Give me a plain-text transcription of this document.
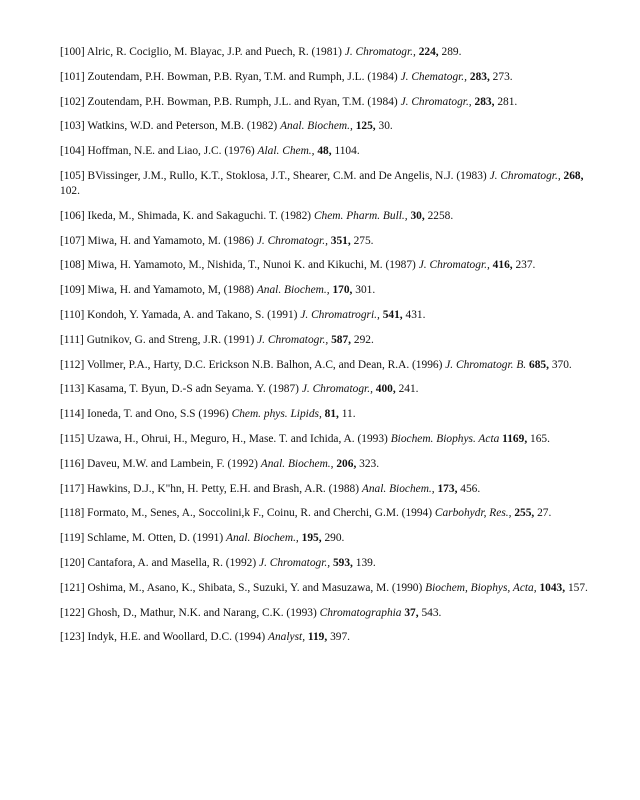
[100] Alric, R. Cociglio, M. Blayac, J.P. and Puech, R. (1981) J. Chromatogr., 224, 289.

[101] Zoutendam, P.H. Bowman, P.B. Ryan, T.M. and Rumph, J.L. (1984) J. Chematogr., 283, 273.

[102] Zoutendam, P.H. Bowman, P.B. Rumph, J.L. and Ryan, T.M. (1984) J. Chromatogr., 283, 281.

[103] Watkins, W.D. and Peterson, M.B. (1982) Anal. Biochem., 125, 30.

[104] Hoffman, N.E. and Liao, J.C. (1976) Alal. Chem., 48, 1104.

[105] BVissinger, J.M., Rullo, K.T., Stoklosa, J.T., Shearer, C.M. and De Angelis, N.J. (1983) J. Chromatogr., 268, 102.

[106] Ikeda, M., Shimada, K. and Sakaguchi. T. (1982) Chem. Pharm. Bull., 30, 2258.

[107] Miwa, H. and Yamamoto, M. (1986) J. Chromatogr., 351, 275.

[108] Miwa, H. Yamamoto, M., Nishida, T., Nunoi K. and Kikuchi, M. (1987) J. Chromatogr., 416, 237.

[109] Miwa, H. and Yamamoto, M, (1988) Anal. Biochem., 170, 301.

[110] Kondoh, Y. Yamada, A. and Takano, S. (1991) J. Chromatrogri., 541, 431.

[111] Gutnikov, G. and Streng, J.R. (1991) J. Chromatogr., 587, 292.

[112] Vollmer, P.A., Harty, D.C. Erickson N.B. Balhon, A.C, and Dean, R.A. (1996) J. Chromatogr. B. 685, 370.

[113] Kasama, T. Byun, D.-S adn Seyama. Y. (1987) J. Chromatogr., 400, 241.

[114] Ioneda, T. and Ono, S.S (1996) Chem. phys. Lipids, 81, 11.

[115] Uzawa, H., Ohrui, H., Meguro, H., Mase. T. and Ichida, A. (1993) Biochem. Biophys. Acta 1169, 165.

[116] Daveu, M.W. and Lambein, F. (1992) Anal. Biochem., 206, 323.

[117] Hawkins, D.J., K"hn, H. Petty, E.H. and Brash, A.R. (1988) Anal. Biochem., 173, 456.

[118] Formato, M., Senes, A., Soccolini,k F., Coinu, R. and Cherchi, G.M. (1994) Carbohydr, Res., 255, 27.

[119] Schlame, M. Otten, D. (1991) Anal. Biochem., 195, 290.

[120] Cantafora, A. and Masella, R. (1992) J. Chromatogr., 593, 139.

[121] Oshima, M., Asano, K., Shibata, S., Suzuki, Y. and Masuzawa, M. (1990) Biochem, Biophys, Acta, 1043, 157.

[122] Ghosh, D., Mathur, N.K. and Narang, C.K. (1993) Chromatographia 37, 543.

[123] Indyk, H.E. and Woollard, D.C. (1994) Analyst, 119, 397.
